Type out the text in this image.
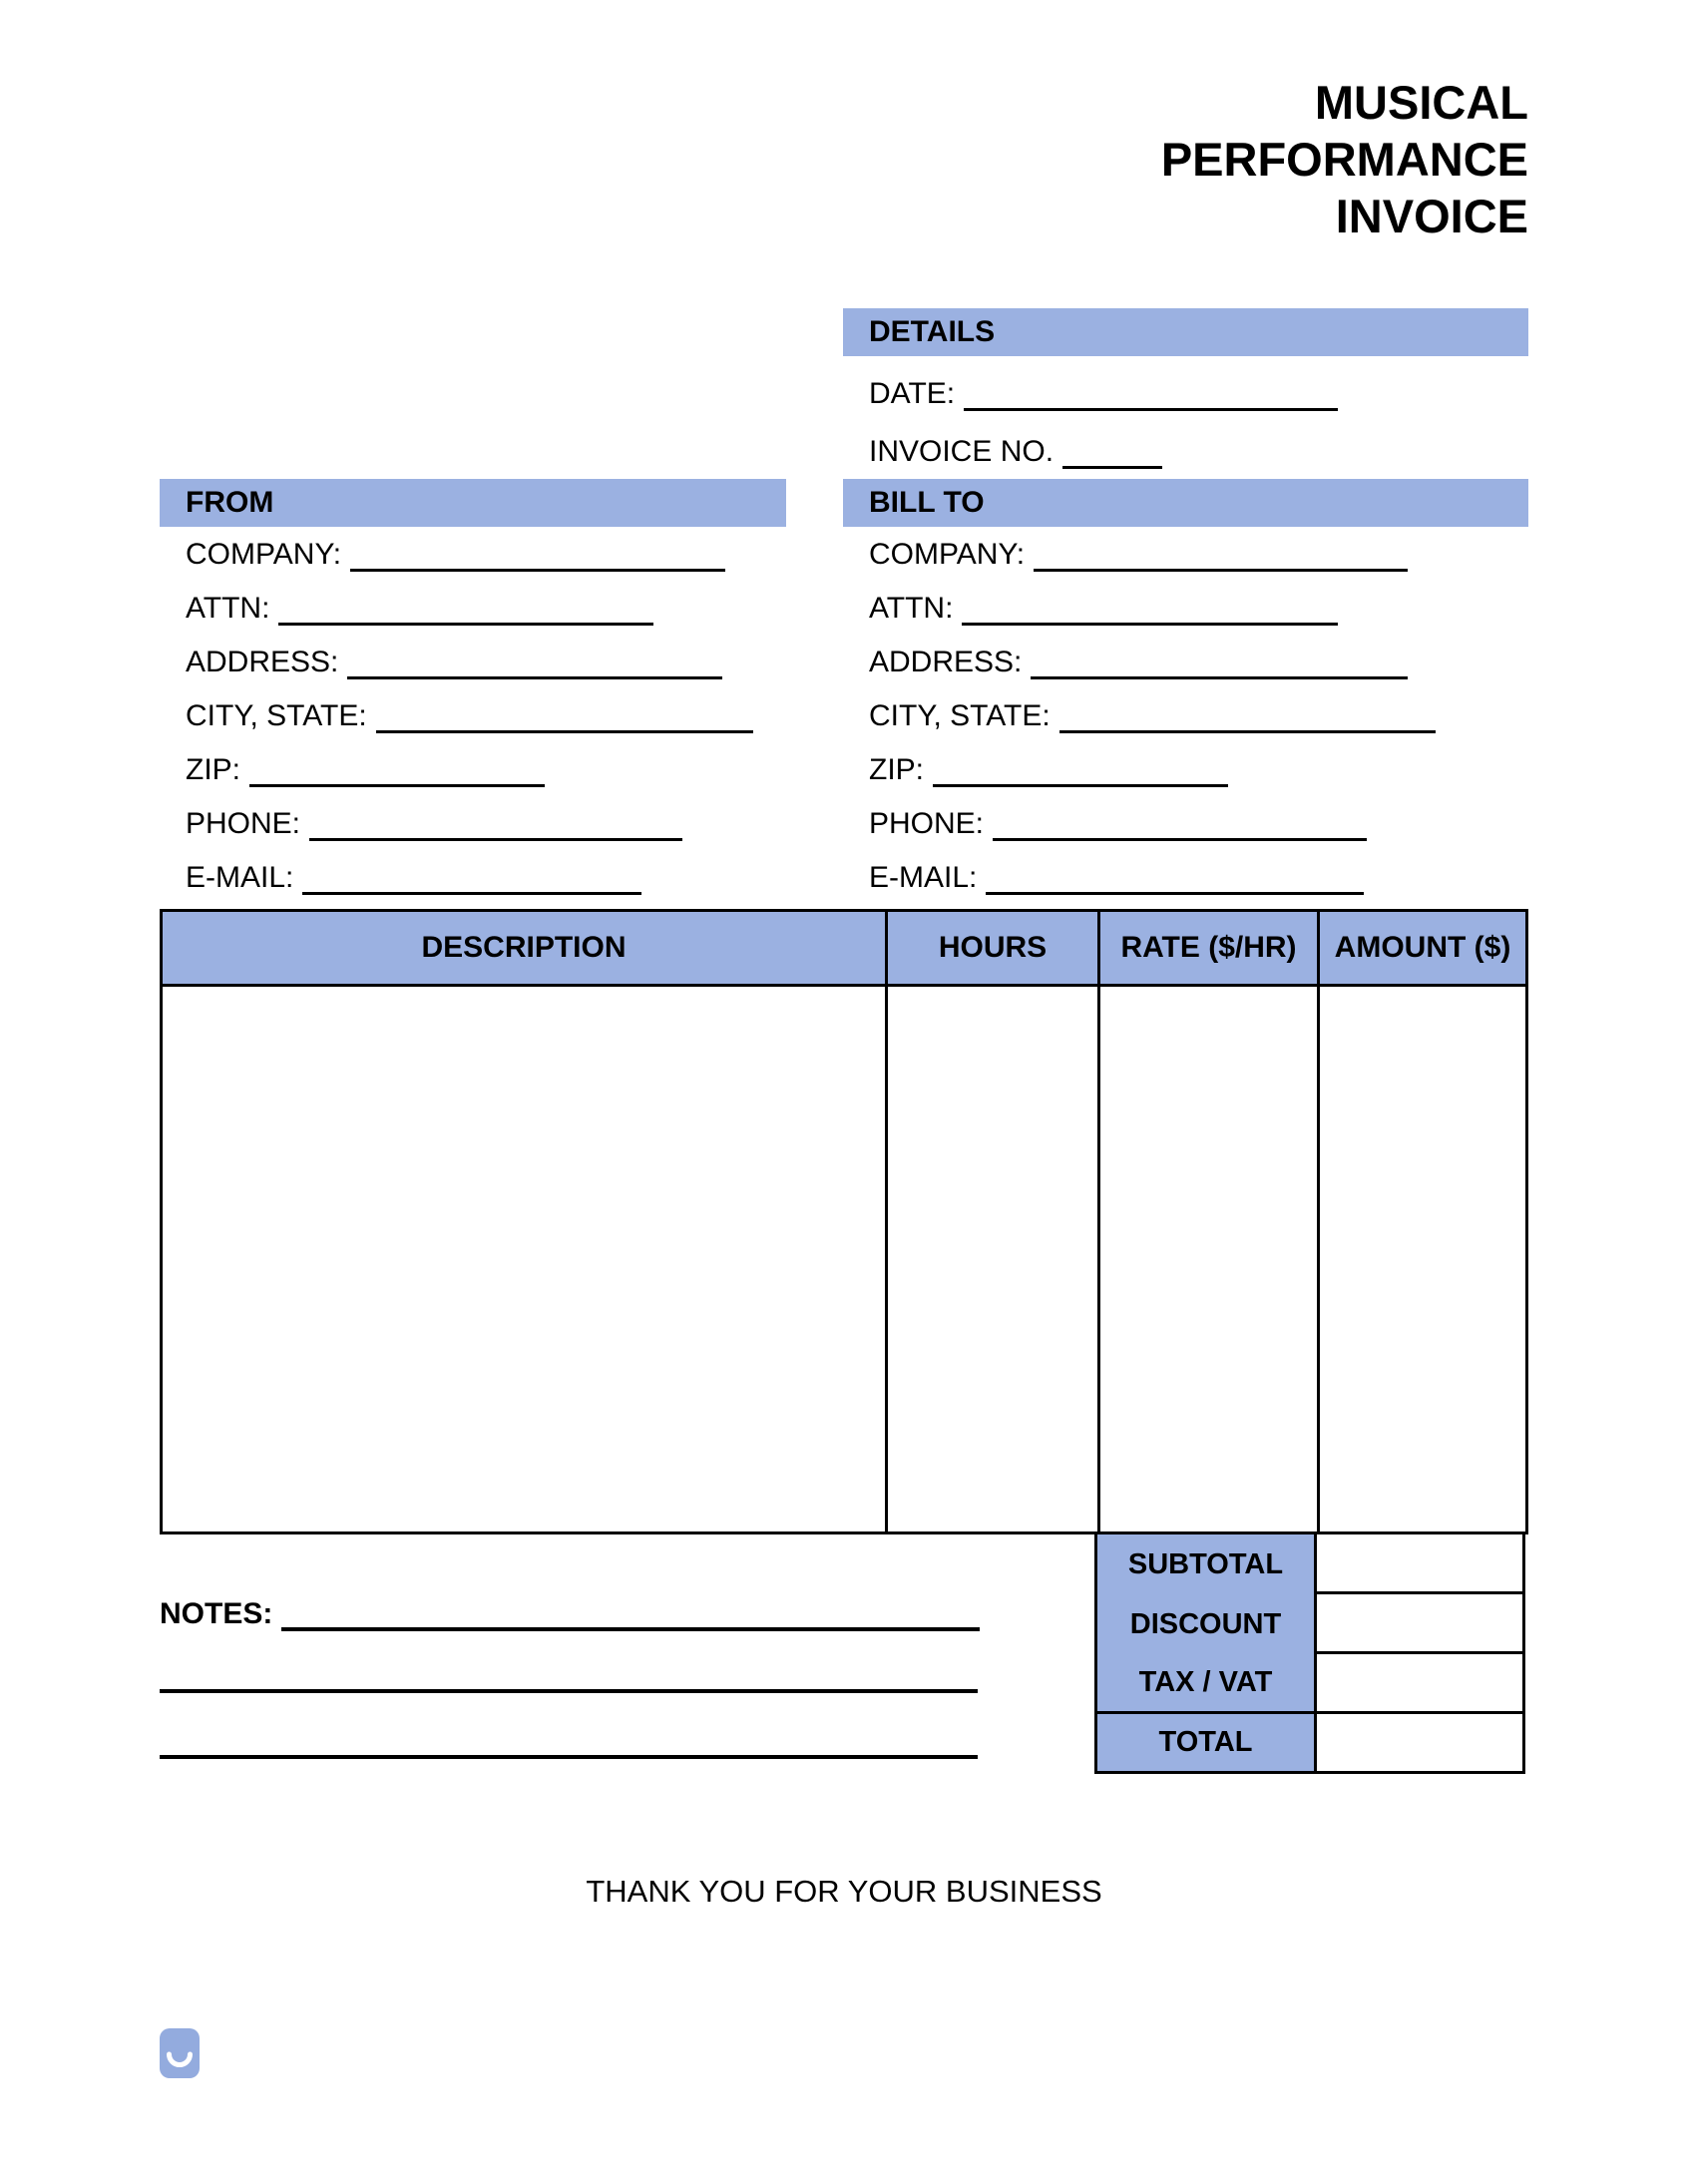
MUSICAL PERFORMANCE INVOICE
DETAILS
DATE:
INVOICE NO.
FROM
COMPANY:
ATTN:
ADDRESS:
CITY, STATE:
ZIP:
PHONE:
E-MAIL:
BILL TO
COMPANY:
ATTN:
ADDRESS:
CITY, STATE:
ZIP:
PHONE:
E-MAIL:
DESCRIPTION	HOURS	RATE ($/HR)	AMOUNT ($)
SUBTOTAL
DISCOUNT
TAX / VAT
TOTAL
NOTES:
THANK YOU FOR YOUR BUSINESS
